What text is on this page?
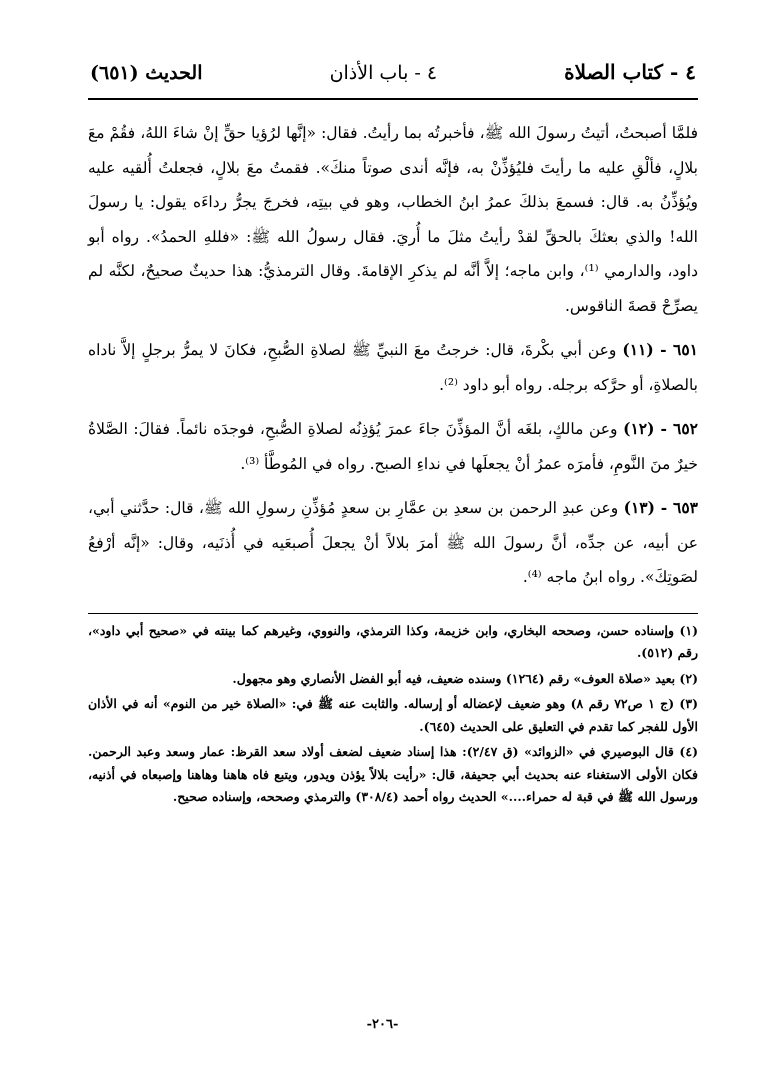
٤ - كتاب الصلاة
٤ - باب الأذان
الحديث (٦٥١)

فلمَّا أصبحتُ، أتيتُ رسولَ الله ﷺ، فأخبرتُه بما رأيتُ. فقال: «إنَّها لرُؤيا حقٍّ إنْ شاءَ اللهُ، فقُمْ معَ بلالٍ، فألْقِ عليه ما رأيتَ فليُؤذِّنْ به، فإنَّه أندى صوتاً منكَ». فقمتُ معَ بلالٍ، فجعلتُ أُلقيه عليه ويُؤذِّنُ به. قال: فسمعَ بذلكَ عمرُ ابنُ الخطاب، وهو في بيتِه، فخرجَ يجرُّ رداءَه يقول: يا رسولَ الله! والذي بعثكَ بالحقِّ لقدْ رأيتُ مثلَ ما أُريَ. فقال رسولُ الله ﷺ: «فللهِ الحمدُ». رواه أبو داود، والدارمي ⁽¹⁾، وابن ماجه؛ إلاَّ أنَّه لم يذكرِ الإقامةَ. وقال الترمذيُّ: هذا حديثٌ صحيحٌ، لكنَّه لم يصرِّحْ قصةَ الناقوس.

٦٥١ - (١١) وعن أبي بكْرةَ، قال: خرجتُ معَ النبيِّ ﷺ لصلاةِ الصُّبحِ، فكانَ لا يمرُّ برجلٍ إلاَّ ناداه بالصلاةِ، أو حرَّكه برجله. رواه أبو داود ⁽²⁾.

٦٥٢ - (١٢) وعن مالكٍ، بلغَه أنَّ المؤذِّنَ جاءَ عمرَ يُؤذِنُه لصلاةِ الصُّبحِ، فوجدَه نائماً. فقالَ: الصَّلاةُ خيرٌ منَ النَّومِ، فأمرَه عمرُ أنْ يجعلَها في نداءِ الصبح. رواه في المُوطَّأ ⁽³⁾.

٦٥٣ - (١٣) وعن عبدِ الرحمن بن سعدِ بن عمَّارِ بن سعدٍ مُؤذِّنِ رسولِ الله ﷺ، قال: حدَّثني أبي، عن أبيه، عن جدِّه، أنَّ رسولَ الله ﷺ أمرَ بلالاً أنْ يجعلَ أُصبعَيه في أُذنَيه، وقال: «إنَّه أرْفعُ لصَوتِكَ». رواه ابنُ ماجه ⁽⁴⁾.

(١) وإسناده حسن، وصححه البخاري، وابن خزيمة، وكذا الترمذي، والنووي، وغيرهم كما بينته في «صحيح أبي داود»، رقم (٥١٢).

(٢) بعيد «صلاة العوف» رقم (١٢٦٤) وسنده ضعيف، فيه أبو الفضل الأنصاري وهو مجهول.

(٣) (ج ١ ص٧٢ رقم ٨) وهو ضعيف لإعضاله أو إرساله. والثابت عنه ﷺ في: «الصلاة خير من النوم» أنه في الأذان الأول للفجر كما تقدم في التعليق على الحديث (٦٤٥).

(٤) قال البوصيري في «الزوائد» (ق ٢/٤٧): هذا إسناد ضعيف لضعف أولاد سعد القرظ: عمار وسعد وعبد الرحمن. فكان الأولى الاستغناء عنه بحديث أبي جحيفة، قال: «رأيت بلالاً يؤذن ويدور، ويتبع فاه هاهنا وهاهنا وإصبعاه في أذنيه، ورسول الله ﷺ في قبة له حمراء....» الحديث رواه أحمد (٣٠٨/٤) والترمذي وصححه، وإسناده صحيح.

-٢٠٦-
